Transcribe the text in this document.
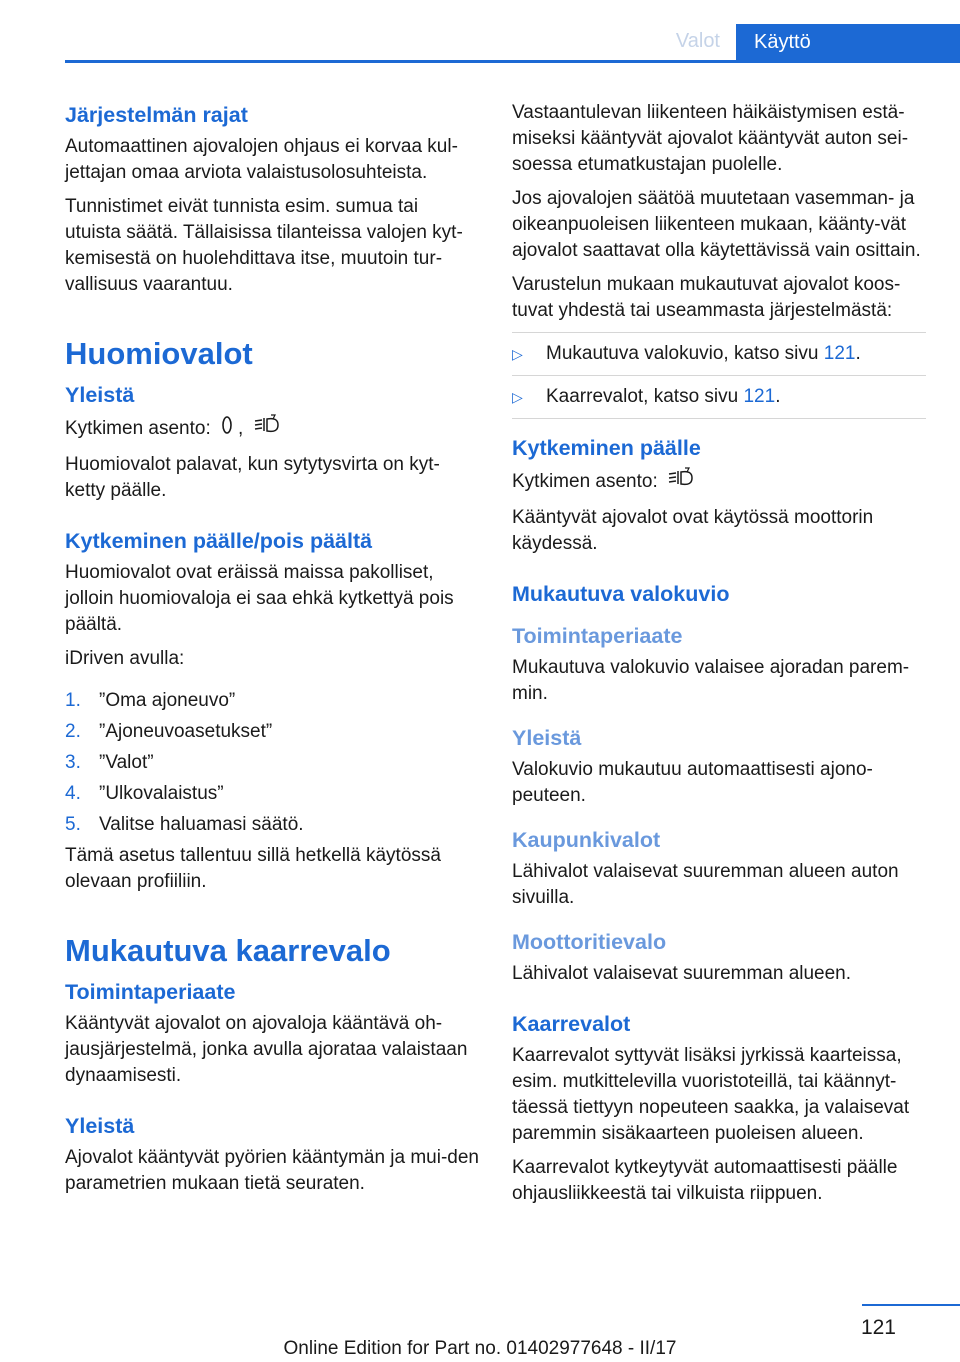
Valot	Käyttö
Järjestelmän rajat

Automaattinen ajovalojen ohjaus ei korvaa kul-jettajan omaa arviota valaistusolosuhteista.

Tunnistimet eivät tunnista esim. sumua tai utuista säätä. Tällaisissa tilanteissa valojen kyt-kemisestä on huolehdittava itse, muutoin tur-vallisuus vaarantuu.

Huomiovalot
Yleistä

Kytkimen asento: ,

Huomiovalot palavat, kun sytytysvirta on kyt-ketty päälle.

Kytkeminen päälle/pois päältä

Huomiovalot ovat eräissä maissa pakolliset, jolloin huomiovaloja ei saa ehkä kytkettyä pois päältä.

iDriven avulla:

1. ”Oma ajoneuvo”
2. ”Ajoneuvoasetukset”
3. ”Valot”
4. ”Ulkovalaistus”
5. Valitse haluamasi säätö.

Tämä asetus tallentuu sillä hetkellä käytössä olevaan profiiliin.

Mukautuva kaarrevalo
Toimintaperiaate

Kääntyvät ajovalot on ajovaloja kääntävä oh-jausjärjestelmä, jonka avulla ajorataa valaistaan dynaamisesti.

Yleistä

Ajovalot kääntyvät pyörien kääntymän ja mui-den parametrien mukaan tietä seuraten.

Vastaantulevan liikenteen häikäistymisen estä-miseksi kääntyvät ajovalot kääntyvät auton sei-soessa etumatkustajan puolelle.

Jos ajovalojen säätöä muutetaan vasemman- ja oikeanpuoleisen liikenteen mukaan, käänty-vät ajovalot saattavat olla käytettävissä vain osittain.

Varustelun mukaan mukautuvat ajovalot koos-tuvat yhdestä tai useammasta järjestelmästä:

▷	Mukautuva valokuvio, katso sivu 121.
▷	Kaarrevalot, katso sivu 121.
Kytkeminen päälle

Kytkimen asento:

Kääntyvät ajovalot ovat käytössä moottorin käydessä.

Mukautuva valokuvio
Toimintaperiaate

Mukautuva valokuvio valaisee ajoradan parem-min.

Yleistä

Valokuvio mukautuu automaattisesti ajono-peuteen.

Kaupunkivalot

Lähivalot valaisevat suuremman alueen auton sivuilla.

Moottoritievalo

Lähivalot valaisevat suuremman alueen.

Kaarrevalot

Kaarrevalot syttyvät lisäksi jyrkissä kaarteissa, esim. mutkittelevilla vuoristoteillä, tai käännyt-täessä tiettyyn nopeuteen saakka, ja valaisevat paremmin sisäkaarteen puoleisen alueen.

Kaarrevalot kytkeytyvät automaattisesti päälle ohjausliikkeestä tai vilkuista riippuen.

121
Online Edition for Part no. 01402977648 - II/17
